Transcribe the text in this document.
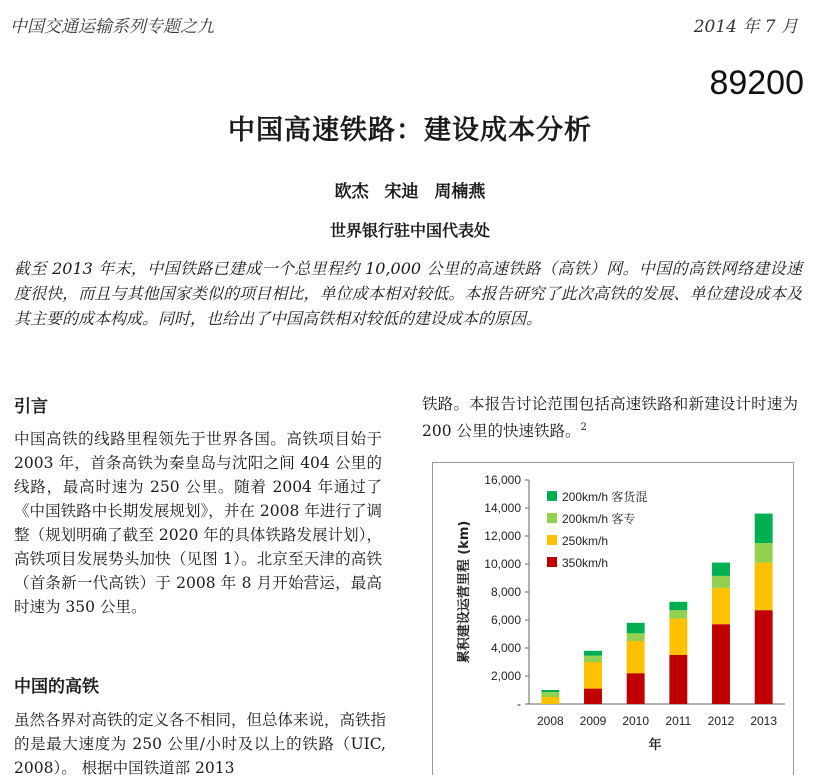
中国交通运输系列专题之九	2014 年 7 月
89200
中国高速铁路：建设成本分析
欧杰 宋迪 周楠燕
世界银行驻中国代表处
截至 2013 年末，中国铁路已建成一个总里程约 10,000 公里的高速铁路（高铁）网。中国的高铁网络建设速度很快，而且与其他国家类似的项目相比，单位成本相对较低。本报告研究了此次高铁的发展、单位建设成本及其主要的成本构成。同时，也给出了中国高铁相对较低的建设成本的原因。
引言
中国高铁的线路里程领先于世界各国。高铁项目始于 2003 年，首条高铁为秦皇岛与沈阳之间 404 公里的线路，最高时速为 250 公里。随着 2004 年通过了《中国铁路中长期发展规划》，并在 2008 年进行了调整（规划明确了截至 2020 年的具体铁路发展计划），高铁项目发展势头加快（见图 1）。北京至天津的高铁（首条新一代高铁）于 2008 年 8 月开始营运，最高时速为 350 公里。
中国的高铁
虽然各界对高铁的定义各不相同，但总体来说，高铁指的是最大速度为 250 公里/小时及以上的铁路（UIC, 2008）。 根据中国铁道部 2013
铁路。本报告讨论范围包括高速铁路和新建设计时速为 200 公里的快速铁路。$^2$
-
2,000
4,000
6,000
8,000
10,000
12,000
14,000
16,000
2008 2009 2010 2011 2012 2013
年
累积建设运营里程 (km)
200km/h 客货混
200km/h 客专
250km/h
350km/h
